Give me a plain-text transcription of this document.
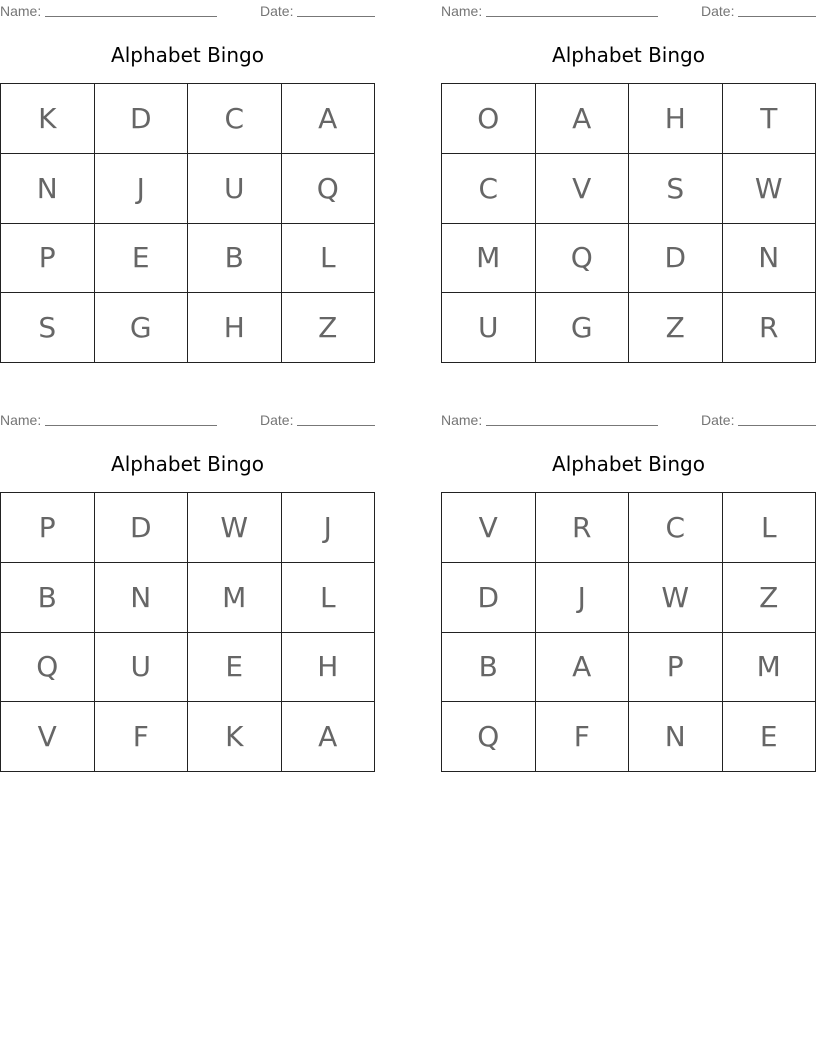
Name:	Date:
Alphabet Bingo
K	D	C	A
N	J	U	Q
P	E	B	L
S	G	H	Z
Name:	Date:
Alphabet Bingo
O	A	H	T
C	V	S	W
M	Q	D	N
U	G	Z	R
Name:	Date:
Alphabet Bingo
P	D	W	J
B	N	M	L
Q	U	E	H
V	F	K	A
Name:	Date:
Alphabet Bingo
V	R	C	L
D	J	W	Z
B	A	P	M
Q	F	N	E
